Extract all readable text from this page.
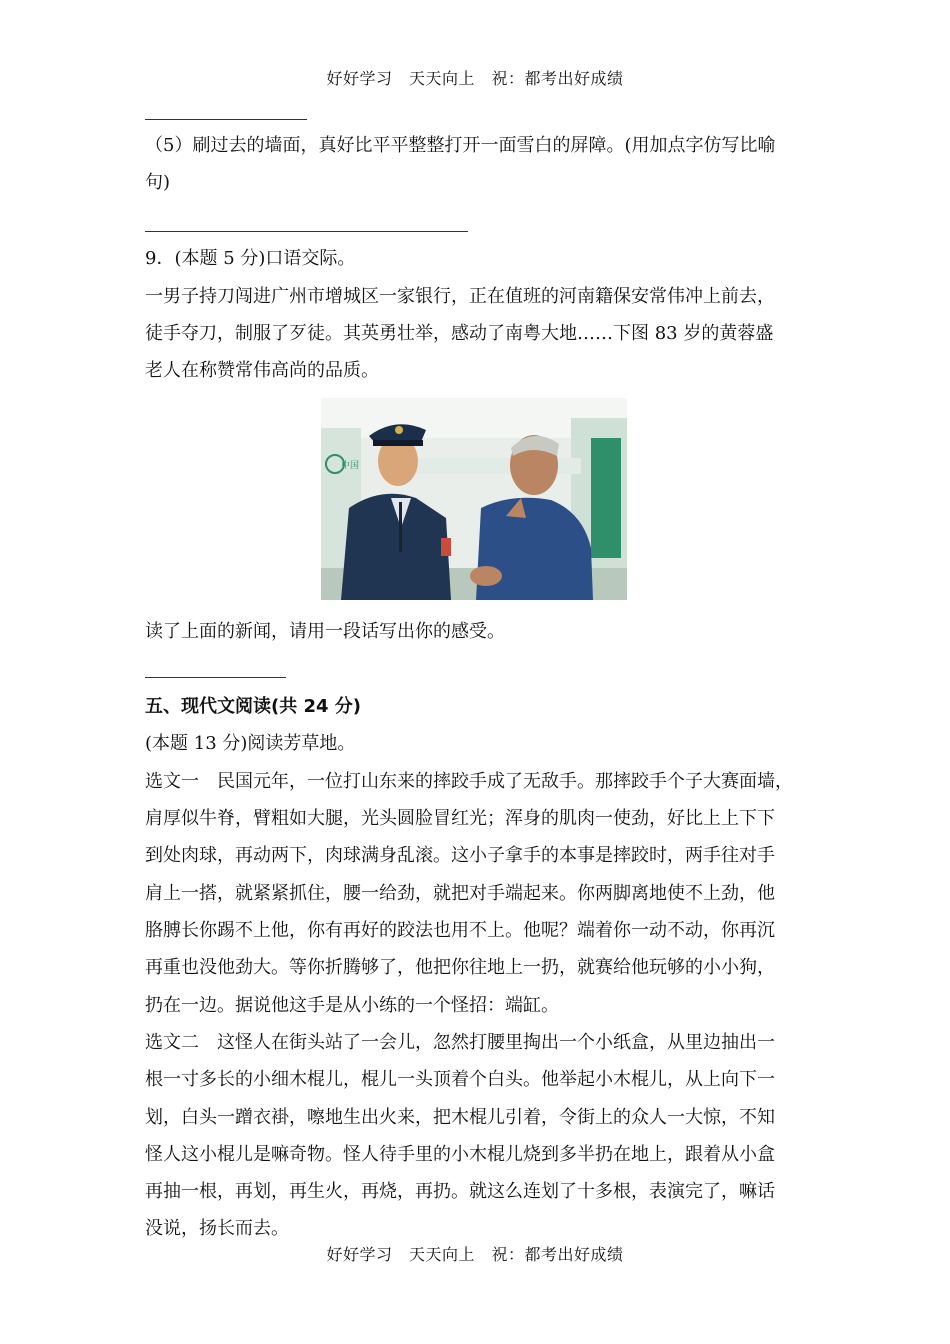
好好学习　天天向上　祝：都考出好成绩
（5）刷过去的墙面，真好比平平整整打开一面雪白的屏障。(用加点字仿写比喻
句)
9．(本题 5 分)口语交际。
一男子持刀闯进广州市增城区一家银行，正在值班的河南籍保安常伟冲上前去，
徒手夺刀，制服了歹徒。其英勇壮举，感动了南粤大地……下图 83 岁的黄蓉盛
老人在称赞常伟高尚的品质。
中国
读了上面的新闻，请用一段话写出你的感受。
五、现代文阅读(共 24 分)
(本题 13 分)阅读芳草地。
选文一　民国元年，一位打山东来的摔跤手成了无敌手。那摔跤手个子大赛面墙，
肩厚似牛脊，臂粗如大腿，光头圆脸冒红光；浑身的肌肉一使劲，好比上上下下
到处肉球，再动两下，肉球满身乱滚。这小子拿手的本事是摔跤时，两手往对手
肩上一搭，就紧紧抓住，腰一给劲，就把对手端起来。你两脚离地使不上劲，他
胳膊长你踢不上他，你有再好的跤法也用不上。他呢？端着你一动不动，你再沉
再重也没他劲大。等你折腾够了，他把你往地上一扔，就赛给他玩够的小小狗，
扔在一边。据说他这手是从小练的一个怪招：端缸。
选文二　这怪人在街头站了一会儿，忽然打腰里掏出一个小纸盒，从里边抽出一
根一寸多长的小细木棍儿，棍儿一头顶着个白头。他举起小木棍儿，从上向下一
划，白头一蹭衣褂，嚓地生出火来，把木棍儿引着，令街上的众人一大惊，不知
怪人这小棍儿是嘛奇物。怪人待手里的小木棍儿烧到多半扔在地上，跟着从小盒
再抽一根，再划，再生火，再烧，再扔。就这么连划了十多根，表演完了，嘛话
没说，扬长而去。
好好学习　天天向上　祝：都考出好成绩
